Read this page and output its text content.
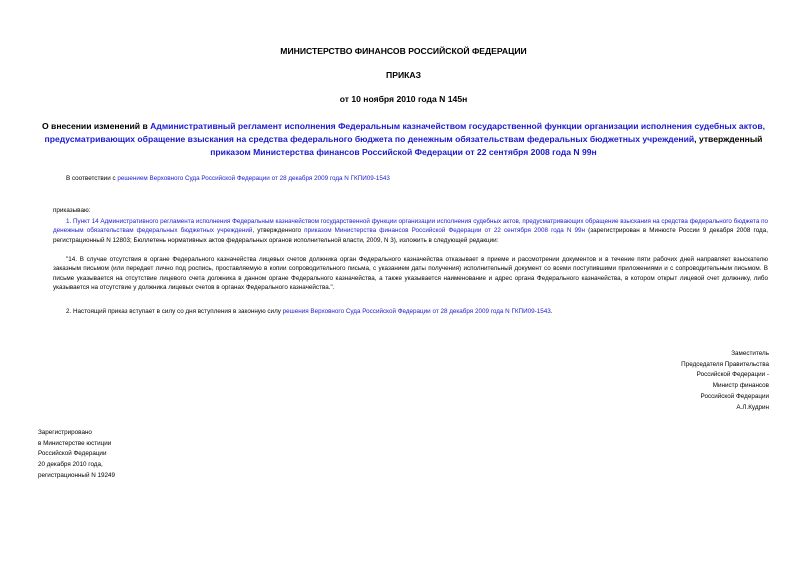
МИНИСТЕРСТВО ФИНАНСОВ РОССИЙСКОЙ ФЕДЕРАЦИИ
ПРИКАЗ
от 10 ноября 2010 года N 145н
О внесении изменений в Административный регламент исполнения Федеральным казначейством государственной функции организации исполнения судебных актов, предусматривающих обращение взыскания на средства федерального бюджета по денежным обязательствам федеральных бюджетных учреждений, утвержденный приказом Министерства финансов Российской Федерации от 22 сентября 2008 года N 99н
В соответствии с решением Верховного Суда Российской Федерации от 28 декабря 2009 года N ГКПИ09-1543
приказываю:
1. Пункт 14 Административного регламента исполнения Федеральным казначейством государственной функции организации исполнения судебных актов, предусматривающих обращение взыскания на средства федерального бюджета по денежным обязательствам федеральных бюджетных учреждений, утвержденного приказом Министерства финансов Российской Федерации от 22 сентября 2008 года N 99н (зарегистрирован в Минюсте России 9 декабря 2008 года, регистрационный N 12803; Бюллетень нормативных актов федеральных органов исполнительной власти, 2009, N 3), изложить в следующей редакции:
"14. В случае отсутствия в органе Федерального казначейства лицевых счетов должника орган Федерального казначейства отказывает в приеме и рассмотрении документов и в течение пяти рабочих дней направляет взыскателю заказным письмом (или передает лично под роспись, проставляемую в копии сопроводительного письма, с указанием даты получения) исполнительный документ со всеми поступившими приложениями и с сопроводительным письмом. В письме указывается на отсутствие лицевого счета должника в данном органе Федерального казначейства, а также указывается наименование и адрес органа Федерального казначейства, в котором открыт лицевой счет должнику, либо указывается на отсутствие у должника лицевых счетов в органах Федерального казначейства.".
2. Настоящий приказ вступает в силу со дня вступления в законную силу решения Верховного Суда Российской Федерации от 28 декабря 2009 года N ГКПИ09-1543.
Заместитель
Председателя Правительства
Российской Федерации -
Министр финансов
Российской Федерации
А.Л.Кудрин
Зарегистрировано
в Министерстве юстиции
Российской Федерации
20 декабря 2010 года,
регистрационный N 19249
